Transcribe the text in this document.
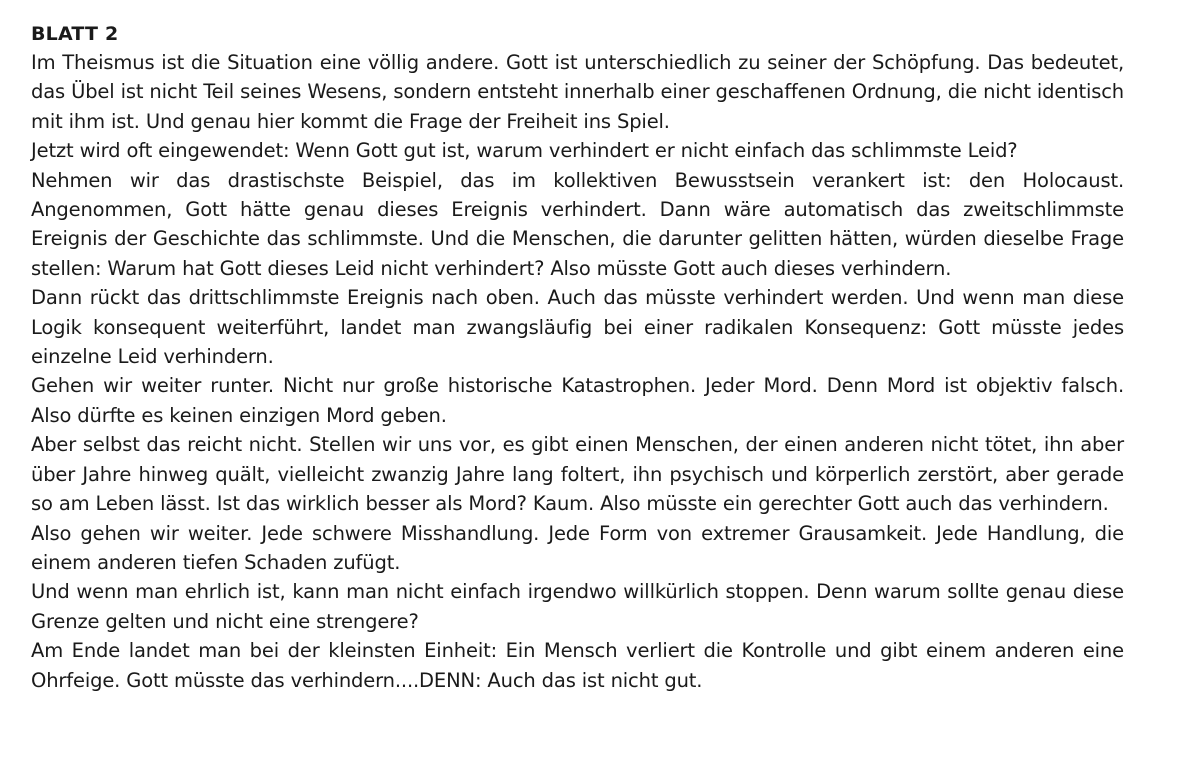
BLATT 2

Im Theismus ist die Situation eine völlig andere. Gott ist unterschiedlich zu seiner der Schöpfung. Das bedeutet, das Übel ist nicht Teil seines Wesens, sondern entsteht innerhalb einer geschaffenen Ordnung, die nicht identisch mit ihm ist. Und genau hier kommt die Frage der Freiheit ins Spiel.

Jetzt wird oft eingewendet: Wenn Gott gut ist, warum verhindert er nicht einfach das schlimmste Leid?

Nehmen wir das drastischste Beispiel, das im kollektiven Bewusstsein verankert ist: den Holocaust. Angenommen, Gott hätte genau dieses Ereignis verhindert. Dann wäre automatisch das zweitschlimmste Ereignis der Geschichte das schlimmste. Und die Menschen, die darunter gelitten hätten, würden dieselbe Frage stellen: Warum hat Gott dieses Leid nicht verhindert? Also müsste Gott auch dieses verhindern.

Dann rückt das drittschlimmste Ereignis nach oben. Auch das müsste verhindert werden. Und wenn man diese Logik konsequent weiterführt, landet man zwangsläufig bei einer radikalen Konsequenz: Gott müsste jedes einzelne Leid verhindern.

Gehen wir weiter runter. Nicht nur große historische Katastrophen. Jeder Mord. Denn Mord ist objektiv falsch. Also dürfte es keinen einzigen Mord geben.

Aber selbst das reicht nicht. Stellen wir uns vor, es gibt einen Menschen, der einen anderen nicht tötet, ihn aber über Jahre hinweg quält, vielleicht zwanzig Jahre lang foltert, ihn psychisch und körperlich zerstört, aber gerade so am Leben lässt. Ist das wirklich besser als Mord? Kaum. Also müsste ein gerechter Gott auch das verhindern.

Also gehen wir weiter. Jede schwere Misshandlung. Jede Form von extremer Grausamkeit. Jede Handlung, die einem anderen tiefen Schaden zufügt.

Und wenn man ehrlich ist, kann man nicht einfach irgendwo willkürlich stoppen. Denn warum sollte genau diese Grenze gelten und nicht eine strengere?

Am Ende landet man bei der kleinsten Einheit: Ein Mensch verliert die Kontrolle und gibt einem anderen eine Ohrfeige. Gott müsste das verhindern....DENN: Auch das ist nicht gut.
